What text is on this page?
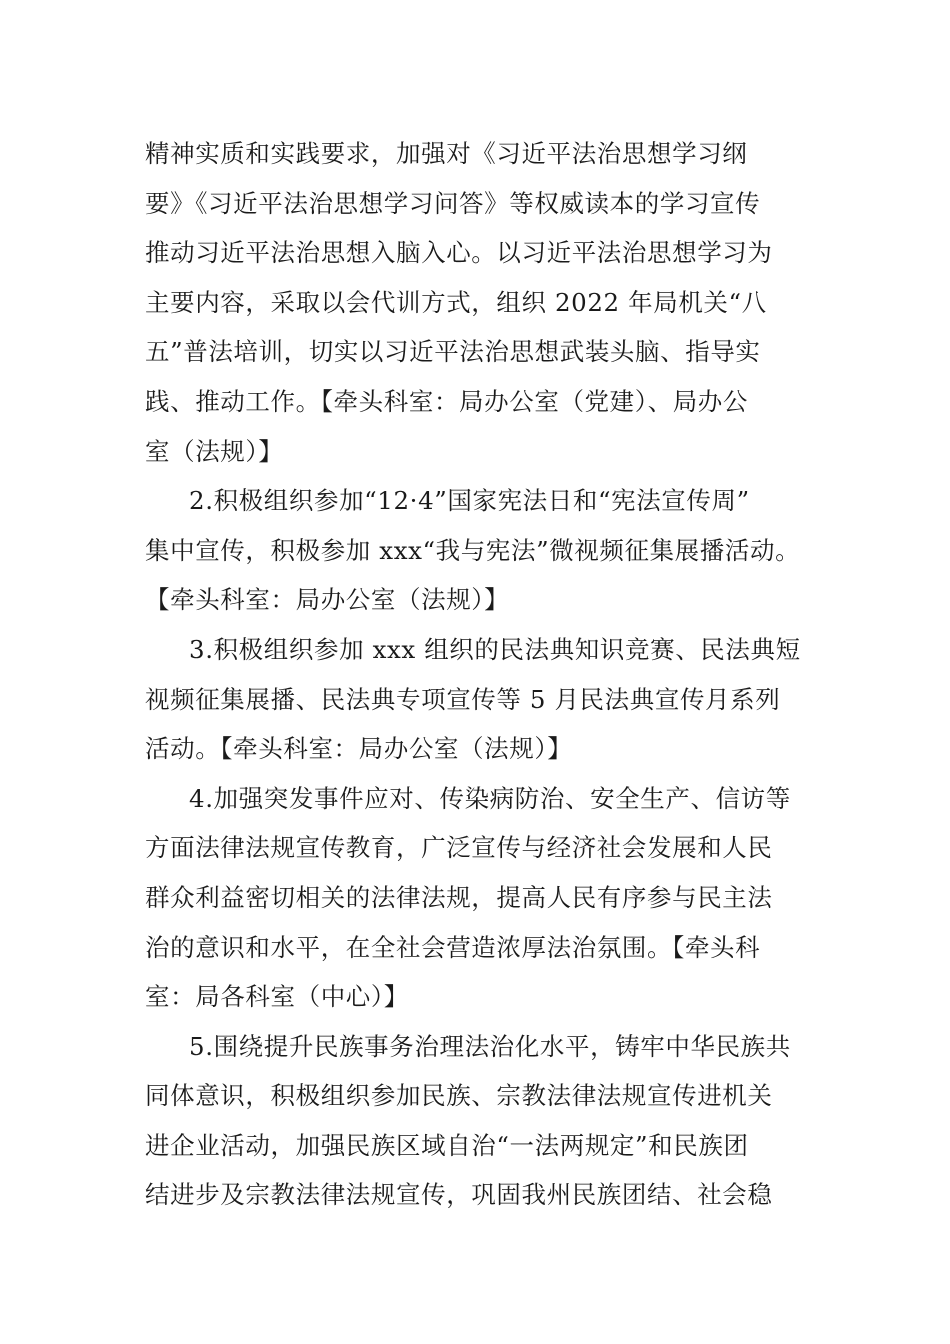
精神实质和实践要求，加强对《习近平法治思想学习纲
要》《习近平法治思想学习问答》等权威读本的学习宣传
推动习近平法治思想入脑入心。以习近平法治思想学习为
主要内容，采取以会代训方式，组织 2022 年局机关“八
五”普法培训，切实以习近平法治思想武装头脑、指导实
践、推动工作。【牵头科室：局办公室（党建）、局办公
室（法规）】
2.积极组织参加“12·4”国家宪法日和“宪法宣传周”
集中宣传，积极参加 xxx“我与宪法”微视频征集展播活动。
【牵头科室：局办公室（法规）】
3.积极组织参加 xxx 组织的民法典知识竞赛、民法典短
视频征集展播、民法典专项宣传等 5 月民法典宣传月系列
活动。【牵头科室：局办公室（法规）】
4.加强突发事件应对、传染病防治、安全生产、信访等
方面法律法规宣传教育，广泛宣传与经济社会发展和人民
群众利益密切相关的法律法规，提高人民有序参与民主法
治的意识和水平，在全社会营造浓厚法治氛围。【牵头科
室：局各科室（中心）】
5.围绕提升民族事务治理法治化水平，铸牢中华民族共
同体意识，积极组织参加民族、宗教法律法规宣传进机关
进企业活动，加强民族区域自治“一法两规定”和民族团
结进步及宗教法律法规宣传，巩固我州民族团结、社会稳
